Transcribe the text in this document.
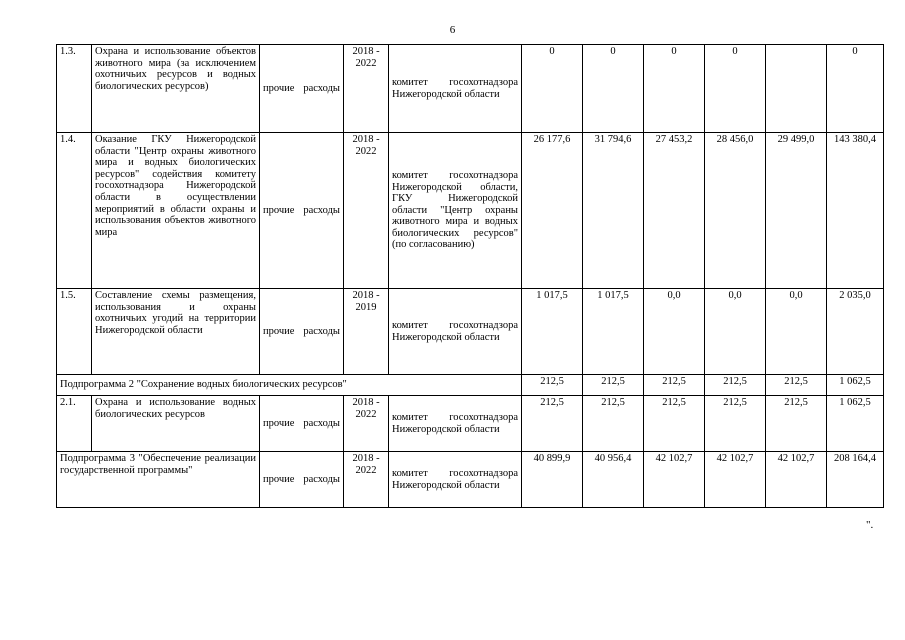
6
1.3.	Охрана и использование объектов животного мира (за исключением охотничьих ресурсов и водных биологических ресурсов)	прочие расходы	2018 - 2022	комитет госохотнадзора Нижегородской области	0	0	0	0		0
1.4.	Оказание ГКУ Нижегородской области "Центр охраны животного мира и водных биологических ресурсов" содействия комитету госохотнадзора Нижегородской области в осуществлении мероприятий в области охраны и использования объектов животного мира	прочие расходы	2018 - 2022	комитет госохотнадзора Нижегородской области, ГКУ Нижегородской области "Центр охраны животного мира и водных биологических ресурсов" (по согласованию)	26 177,6	31 794,6	27 453,2	28 456,0	29 499,0	143 380,4
1.5.	Составление схемы размещения, использования и охраны охотничьих угодий на территории Нижегородской области	прочие расходы	2018 - 2019	комитет госохотнадзора Нижегородской области	1 017,5	1 017,5	0,0	0,0	0,0	2 035,0
Подпрограмма 2 "Сохранение водных биологических ресурсов"					212,5	212,5	212,5	212,5	212,5	1 062,5
2.1.	Охрана и использование водных биологических ресурсов	прочие расходы	2018 - 2022	комитет госохотнадзора Нижегородской области	212,5	212,5	212,5	212,5	212,5	1 062,5
Подпрограмма 3 "Обеспечение реализации государственной программы"		прочие расходы	2018 - 2022	комитет госохотнадзора Нижегородской области	40 899,9	40 956,4	42 102,7	42 102,7	42 102,7	208 164,4
".
